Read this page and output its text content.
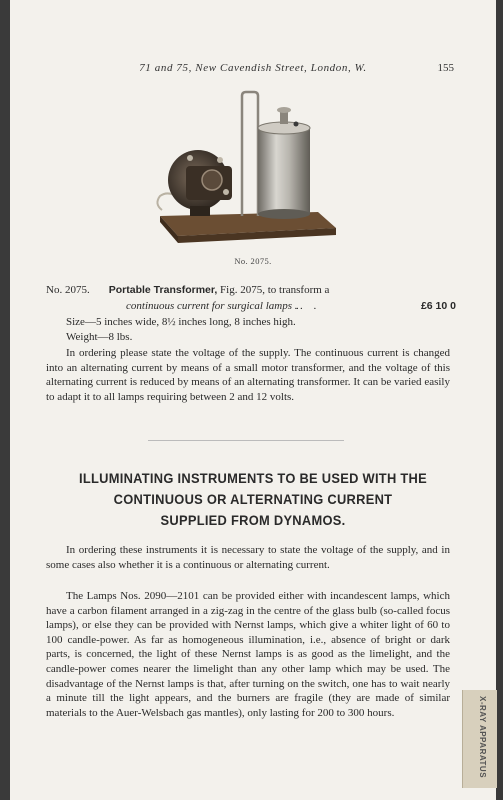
71 and 75, New Cavendish Street, London, W.	155
No. 2075.
No. 2075. Portable Transformer, Fig. 2075, to transform a
continuous current for surgical lamps . .
. .	£6 10 0
Size—5 inches wide, 8½ inches long, 8 inches high.
Weight—8 lbs.

In ordering please state the voltage of the supply. The continuous current is changed into an alternating current by means of a small motor transformer, and the voltage of this alternating current is reduced by means of an alternating transformer. It can be varied easily to adapt it to all lamps requiring between 2 and 12 volts.

ILLUMINATING INSTRUMENTS TO BE USED WITH THE
CONTINUOUS OR ALTERNATING CURRENT
SUPPLIED FROM DYNAMOS.

In ordering these instruments it is necessary to state the voltage of the supply, and in some cases also whether it is a continuous or alternating current.

The Lamps Nos. 2090—2101 can be provided either with incandescent lamps, which have a carbon filament arranged in a zig-zag in the centre of the glass bulb (so-called focus lamps), or else they can be provided with Nernst lamps, which give a whiter light of 60 to 100 candle-power. As far as homogeneous illumination, i.e., absence of bright or dark parts, is concerned, the light of these Nernst lamps is as good as the limelight, and the candle-power comes nearer the limelight than any other lamp which may be used. The disadvantage of the Nernst lamps is that, after turning on the switch, one has to wait nearly a minute till the light appears, and the burners are fragile (they are made of similar materials to the Auer-Welsbach gas mantles), only lasting for 200 to 300 hours.	X-RAY APPARATUS
